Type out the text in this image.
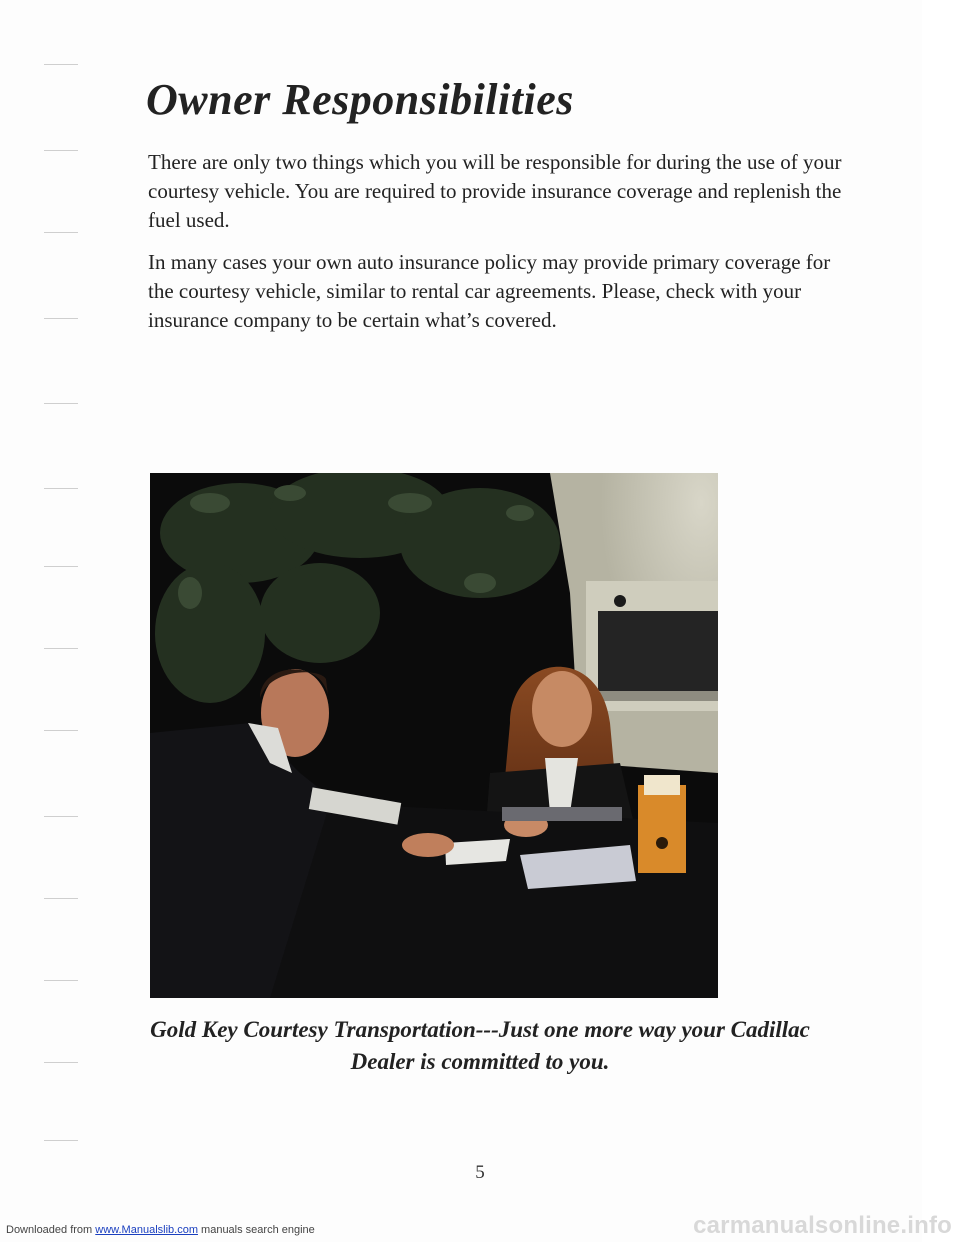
Owner Responsibilities

There are only two things which you will be responsible for during the use of your courtesy vehicle. You are required to provide insurance coverage and replenish the fuel used.

In many cases your own auto insurance policy may provide primary coverage for the courtesy vehicle, similar to rental car agreements. Please, check with your insurance company to be certain what’s covered.

Gold Key Courtesy Transportation---Just one more way your Cadillac
Dealer is committed to you.

5
Downloaded from www.Manualslib.com manuals search engine	carmanualsonline.info
